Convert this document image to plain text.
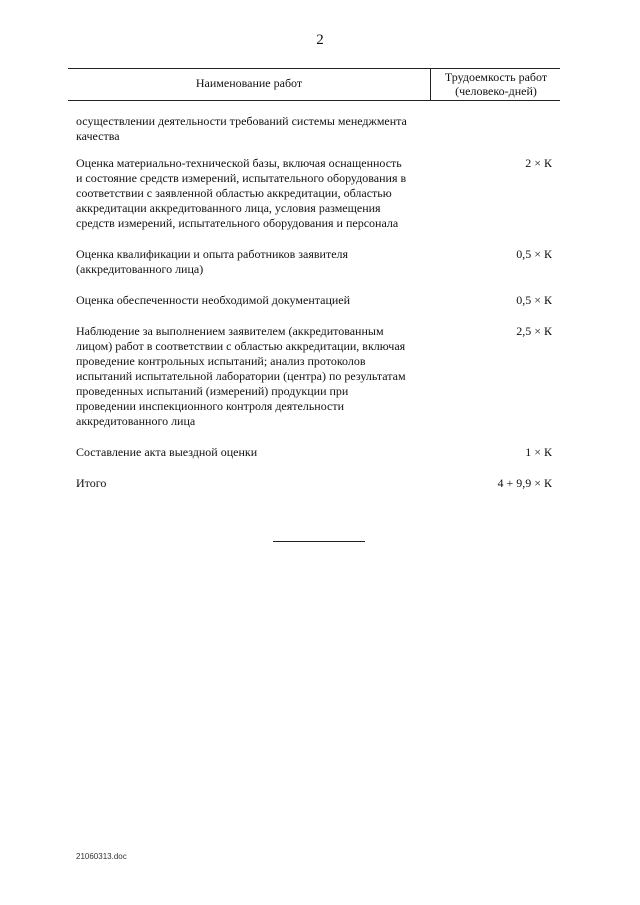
2
Наименование работ	Трудоемкость работ
(человеко-дней)
осуществлении деятельности требований системы менеджмента
качества
Оценка материально-технической базы, включая оснащенность
и состояние средств измерений, испытательного оборудования в
соответствии с заявленной областью аккредитации, областью
аккредитации аккредитованного лица, условия размещения
средств измерений, испытательного оборудования и персонала
2 × К
Оценка квалификации и опыта работников заявителя
(аккредитованного лица)
0,5 × К
Оценка обеспеченности необходимой документацией	0,5 × К
Наблюдение за выполнением заявителем (аккредитованным
лицом) работ в соответствии с областью аккредитации, включая
проведение контрольных испытаний; анализ протоколов
испытаний испытательной лаборатории (центра) по результатам
проведенных испытаний (измерений) продукции при
проведении инспекционного контроля деятельности
аккредитованного лица
2,5 × К
Составление акта выездной оценки	1 × К
Итого	4 + 9,9 × К
21060313.doc
